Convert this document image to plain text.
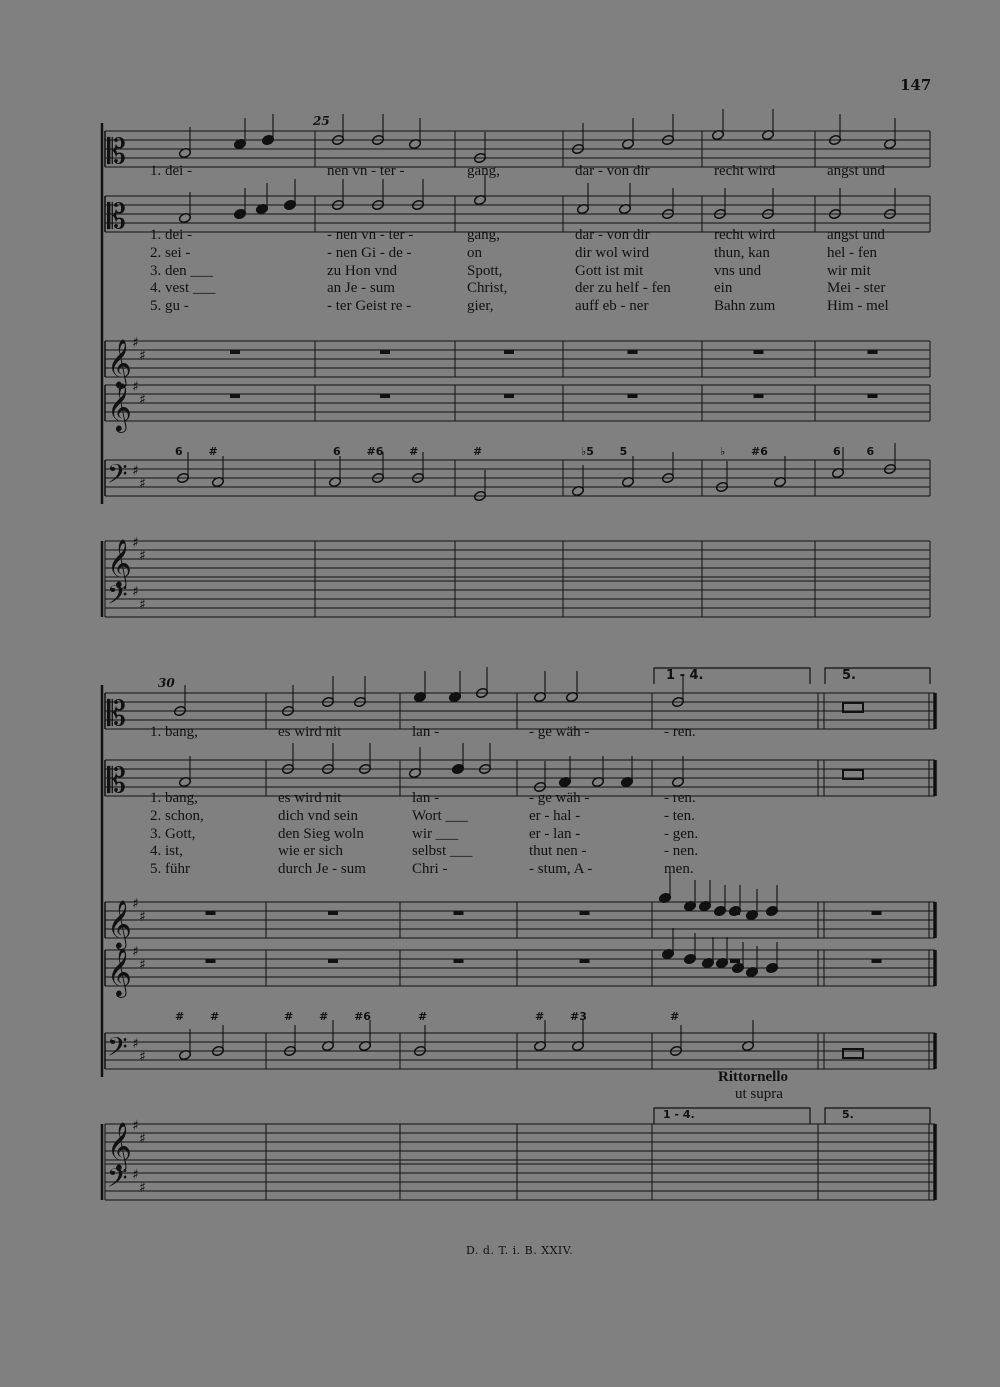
147
𝄡
𝄡
𝄞
𝄞
𝄢
𝄞
𝄢
♯
♯
♯
♯
♯
♯
♯
♯
♯
♯
𝄡
𝄡
𝄞
𝄞
𝄢
𝄞
𝄢
♯
♯
♯
♯
♯
♯
♯
♯
♯
♯
25
1. dei -	nen vn - ter -	gang,	dar - von dir	recht wird	angst und
1. dei -	- nen vn - ter -	gang,	dar - von dir	recht wird	angst und
2. sei -	- nen Gi - de -	on	dir wol wird	thun, kan	hel - fen
3. den ___	zu Hon vnd	Spott,	Gott ist mit	vns und	wir mit
4. vest ___	an Je - sum	Christ,	der zu helf - fen	ein	Mei - ster
5. gu -	- ter Geist re -	gier,	auff eb - ner	Bahn zum	Him - mel
6 #	6 #6 #	#	♭5 5	♭ #6	6 6
30
1. bang,	es wird nit	lan -	- ge wäh -	- ren.
1. bang,	es wird nit	lan -	- ge wäh -	- ren.
2. schon,	dich vnd sein	Wort ___	er - hal -	- ten.
3. Gott,	den Sieg woln	wir ___	er - lan -	- gen.
4. ist,	wie er sich	selbst ___	thut nen -	- nen.
5. führ	durch Je - sum	Chri -	- stum, A -	men.
# #	# # #6	#	# #3	#
1 - 4.	5.
1 - 4.	5.
Rittornello
ut supra
D. d. T. i. B. XXIV.
